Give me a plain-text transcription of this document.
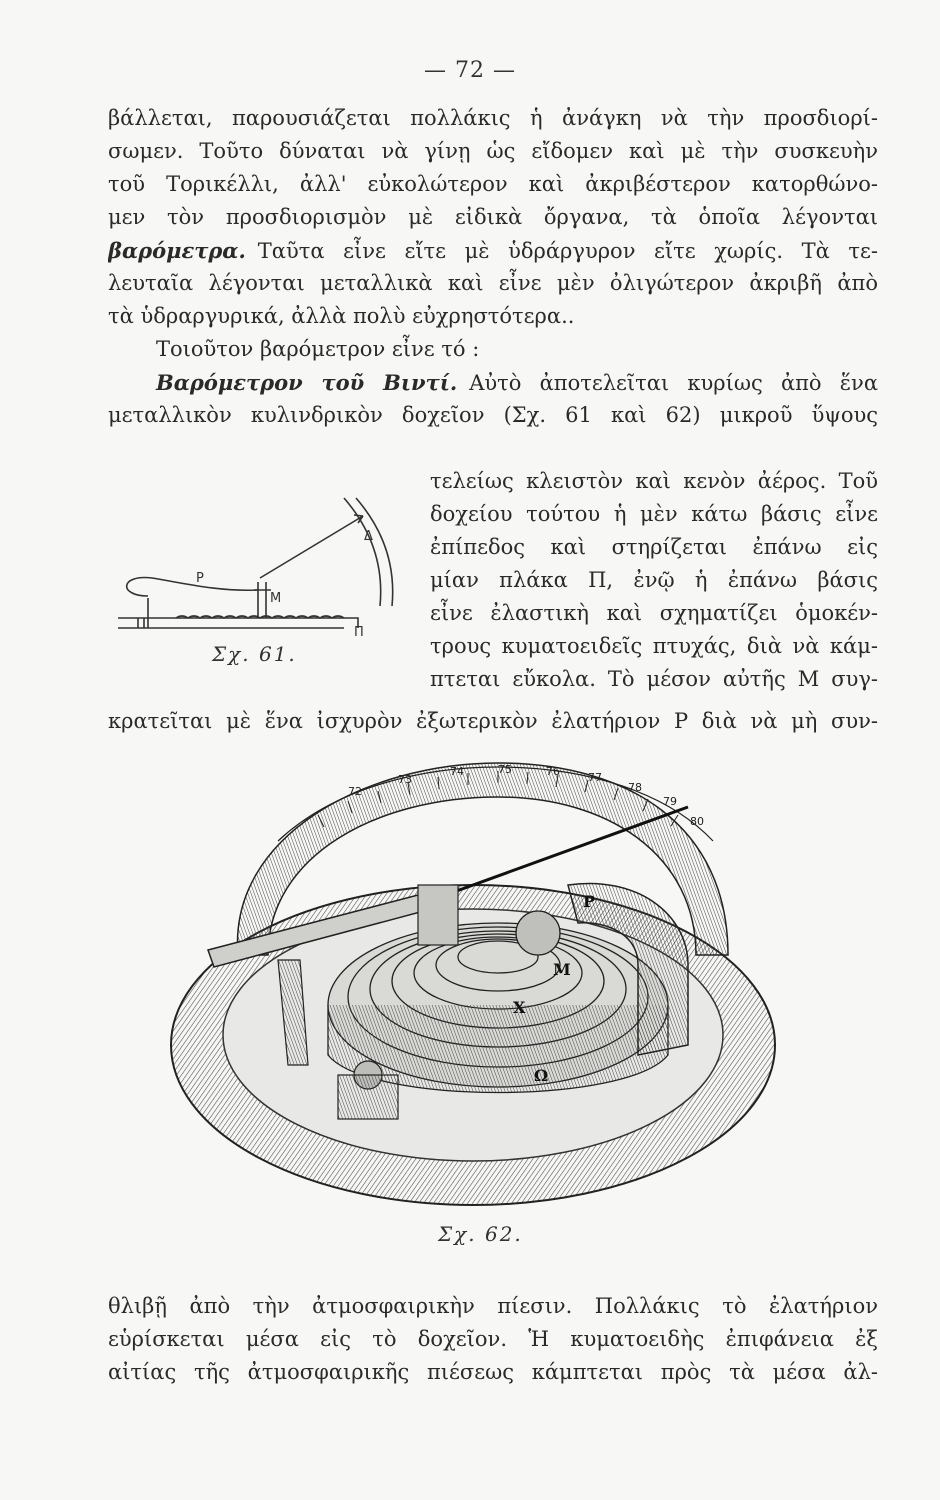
— 72 —
βάλλεται, παρουσιάζεται πολλάκις ἡ ἀνάγκη νὰ τὴν προσδιορί-
σωμεν. Τοῦτο δύναται νὰ γίνῃ ὡς εἴδομεν καὶ μὲ τὴν συσκευὴν
τοῦ Τορικέλλι, ἀλλ' εὐκολώτερον καὶ ἀκριβέστερον κατορθώνο-
μεν τὸν προσδιορισμὸν μὲ εἰδικὰ ὄργανα, τὰ ὁποῖα λέγονται
βαρόμετρα. Ταῦτα εἶνε εἴτε μὲ ὑδράργυρον εἴτε χωρίς. Τὰ τε-
λευταῖα λέγονται μεταλλικὰ καὶ εἶνε μὲν ὀλιγώτερον ἀκριβῆ ἀπὸ
τὰ ὑδραργυρικά, ἀλλὰ πολὺ εὐχρηστότερα..
Τοιοῦτον βαρόμετρον εἶνε τό :
Βαρόμετρον τοῦ Βιντί. Αὐτὸ ἀποτελεῖται κυρίως ἀπὸ ἕνα
μεταλλικὸν κυλινδρικὸν δοχεῖον (Σχ. 61 καὶ 62) μικροῦ ὕψους
P
M
Δ
Π
Σχ. 61.
τελείως κλειστὸν καὶ κενὸν ἀέρος. Τοῦ
δοχείου τούτου ἡ μὲν κάτω βάσις εἶνε
ἐπίπεδος καὶ στηρίζεται ἐπάνω εἰς
μίαν πλάκα Π, ἐνῷ ἡ ἐπάνω βάσις
εἶνε ἐλαστικὴ καὶ σχηματίζει ὁμοκέν-
τρους κυματοειδεῖς πτυχάς, διὰ νὰ κάμ-
πτεται εὔκολα. Τὸ μέσον αὐτῆς Μ συγ-
κρατεῖται μὲ ἕνα ἰσχυρὸν ἐξωτερικὸν ἐλατήριον Ρ διὰ νὰ μὴ συν-
72
73
74	75	76	77
78
79
80
P
M
X
Ω
Σχ. 62.
θλιβῇ ἀπὸ τὴν ἀτμοσφαιρικὴν πίεσιν. Πολλάκις τὸ ἐλατήριον
εὑρίσκεται μέσα εἰς τὸ δοχεῖον. Ἡ κυματοειδὴς ἐπιφάνεια ἐξ
αἰτίας τῆς ἀτμοσφαιρικῆς πιέσεως κάμπτεται πρὸς τὰ μέσα ἀλ-
